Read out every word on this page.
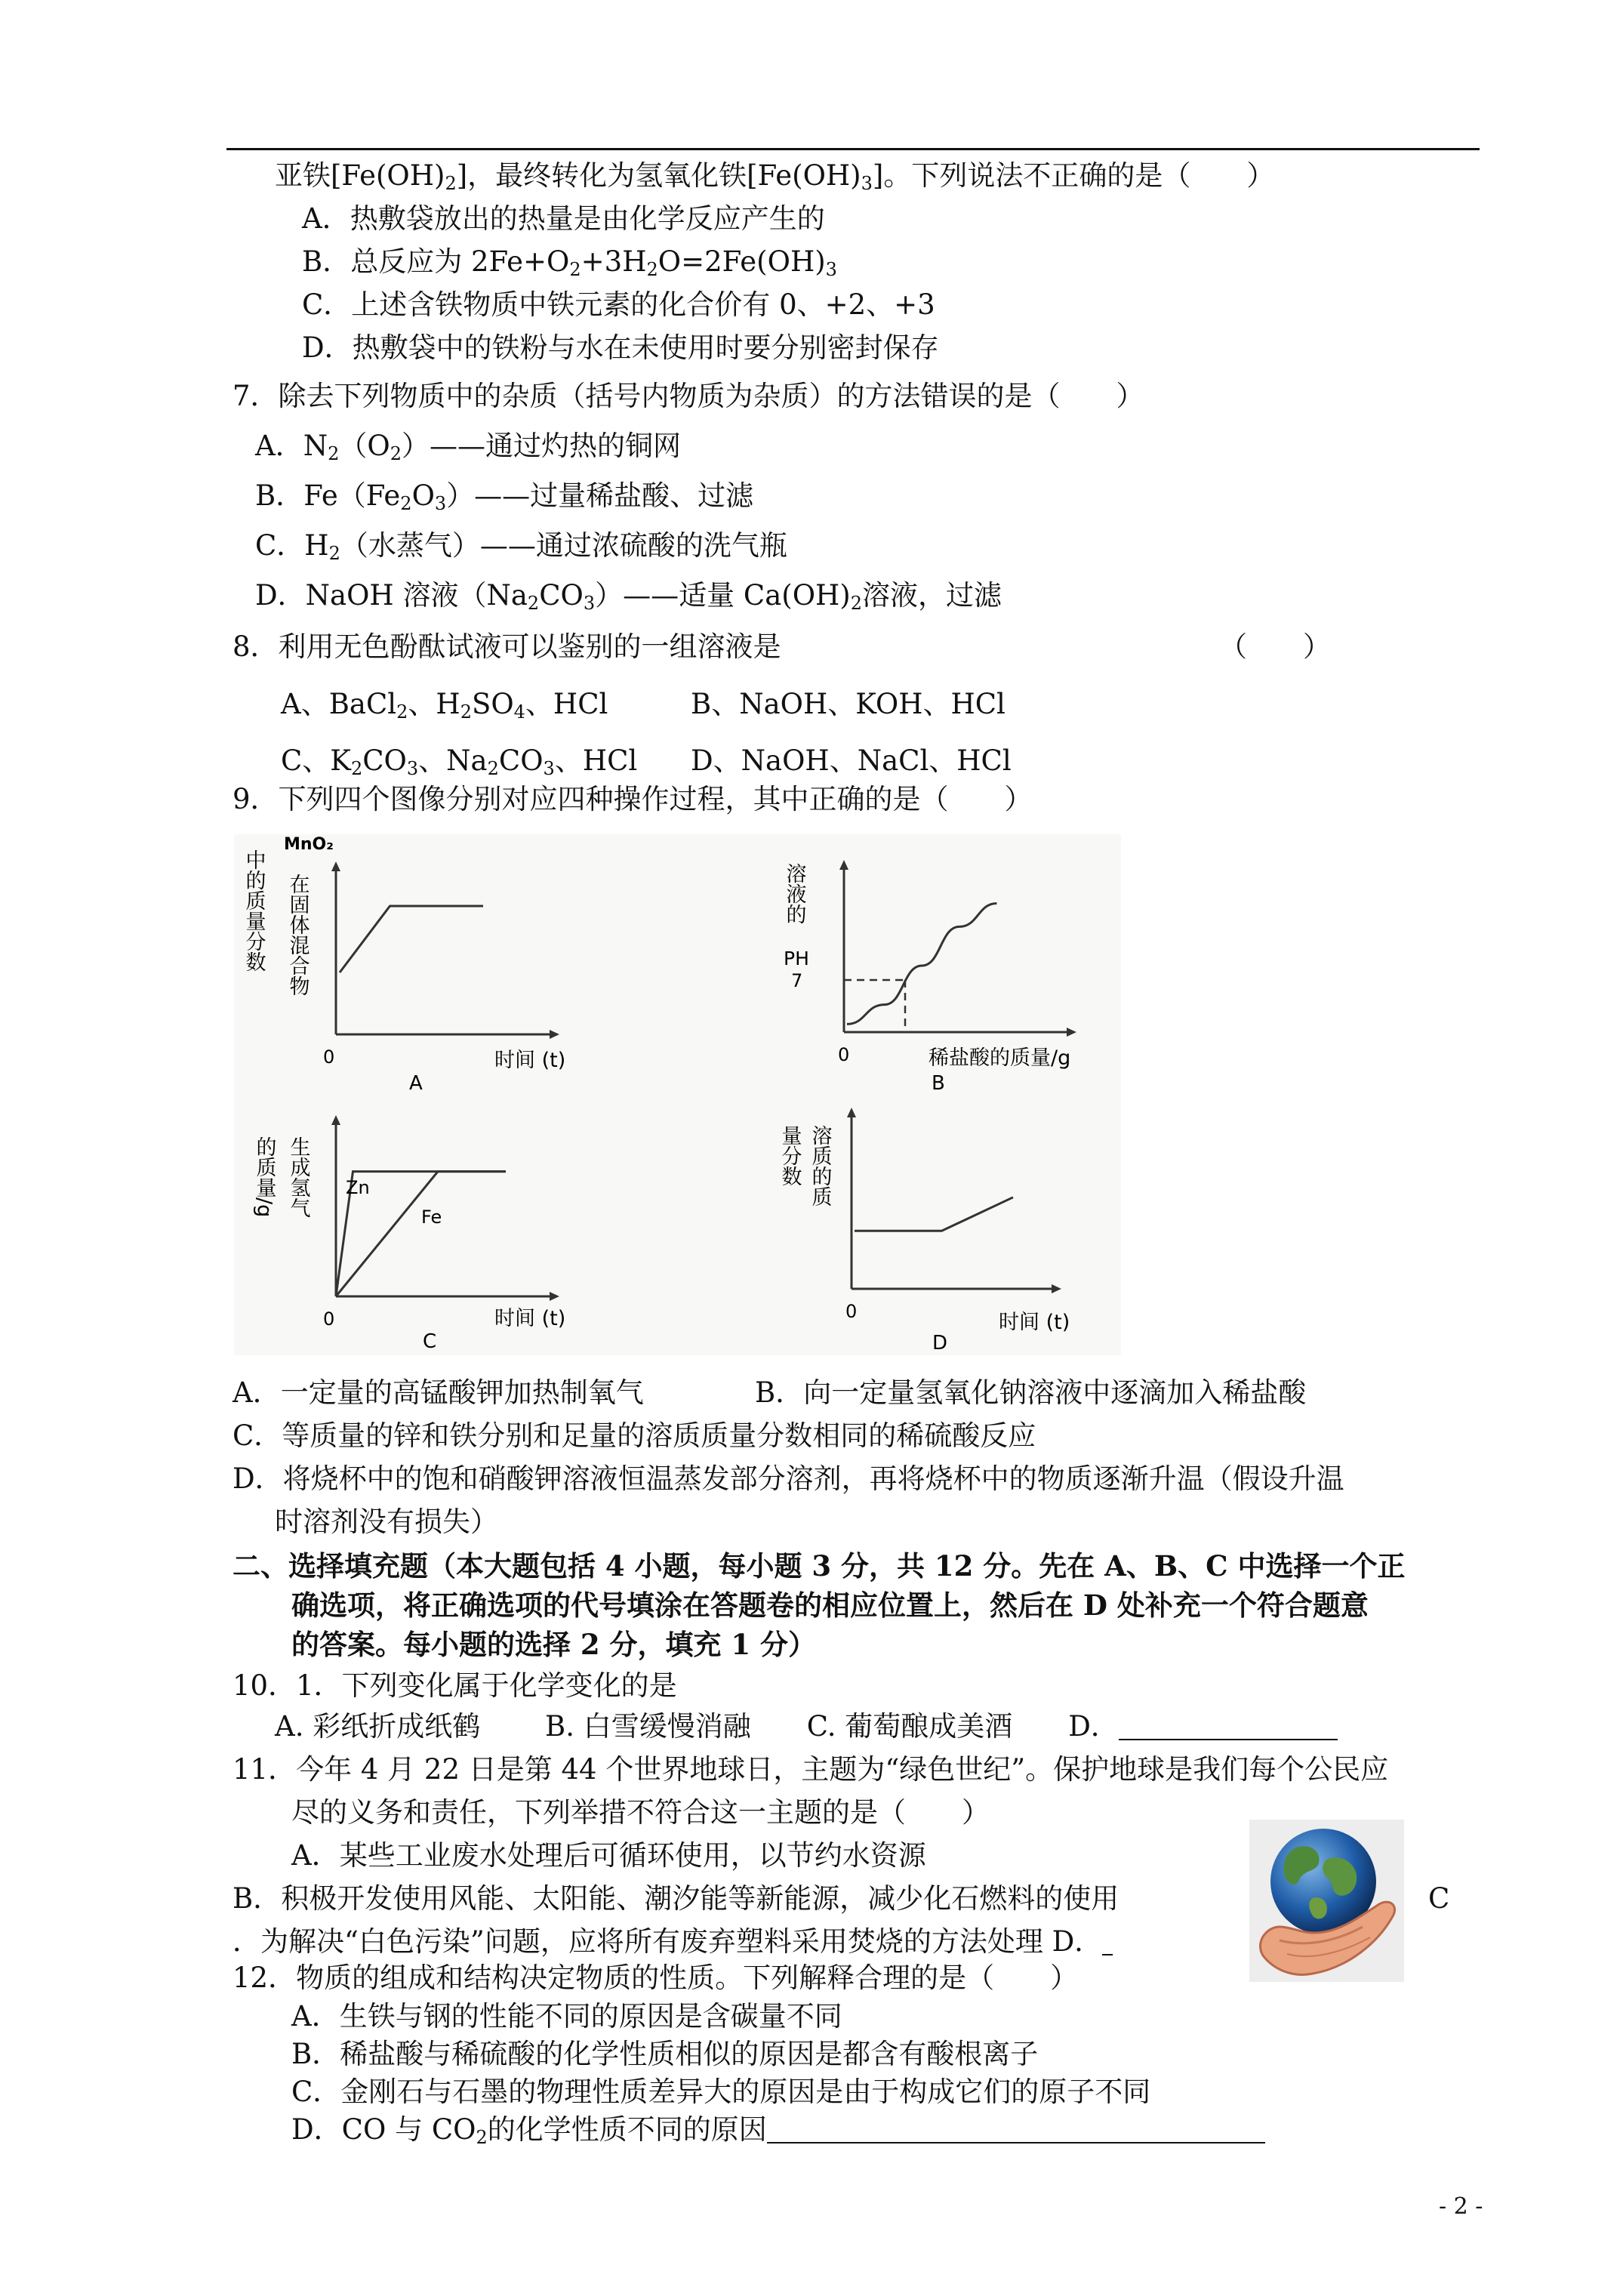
亚铁$[Fe(OH)_2]$，最终转化为氢氧化铁$[Fe(OH)_3]$。下列说法不正确的是（　　）
A．热敷袋放出的热量是由化学反应产生的
B．总反应为 $2Fe+O_2+3H_2O=2Fe(OH)_3$
C．上述含铁物质中铁元素的化合价有 0、+2、+3
D．热敷袋中的铁粉与水在未使用时要分别密封保存
7．除去下列物质中的杂质（括号内物质为杂质）的方法错误的是（　　）
A．$N_2(O_2)——$通过灼热的铜网
B．$Fe(Fe_2O_3)——$过量稀盐酸、过滤
C．$H_2$（水蒸气）——通过浓硫酸的洗气瓶
D．NaOH 溶液$(Na_2CO_3)——$适量 $Ca(OH)_2$溶液，过滤
8．利用无色酚酞试液可以鉴别的一组溶液是	（　　）
A、BaCl$_2$、$H_2SO_4$、HCl	B、NaOH、KOH、HCl
C、$K_2CO_3$、$Na_2CO_3$、HCl D、NaOH、NaCl、HCl
9．下列四个图像分别对应四种操作过程，其中正确的是（　　）
中的质量分数
MnO₂
在固体混合物
0	时间 (t)
A
溶液的
PH
7
0	稀盐酸的质量/g
B
的质量/g 生成氢气 Zn
Fe
0	时间 (t)
C
量分数 溶质的质
0	时间 (t)
D
A．一定量的高锰酸钾加热制氧气	B．向一定量氢氧化钠溶液中逐滴加入稀盐酸
C．等质量的锌和铁分别和足量的溶质质量分数相同的稀硫酸反应
D．将烧杯中的饱和硝酸钾溶液恒温蒸发部分溶剂，再将烧杯中的物质逐渐升温（假设升温
时溶剂没有损失）
二、选择填充题（本大题包括 4 小题，每小题 3 分，共 12 分。先在 A、B、C 中选择一个正
确选项，将正确选项的代号填涂在答题卷的相应位置上，然后在 D 处补充一个符合题意
的答案。每小题的选择 2 分，填充 1 分）
10．1．下列变化属于化学变化的是
A. 彩纸折成纸鹤　　 B. 白雪缓慢消融　　C. 葡萄酿成美酒　　D．
11．今年 4 月 22 日是第 44 个世界地球日，主题为“绿色世纪”。保护地球是我们每个公民应
尽的义务和责任，下列举措不符合这一主题的是（　　）
A．某些工业废水处理后可循环使用，以节约水资源
B．积极开发使用风能、太阳能、潮汐能等新能源，减少化石燃料的使用	C
．为解决“白色污染”问题，应将所有废弃塑料采用焚烧的方法处理 D．
12．物质的组成和结构决定物质的性质。下列解释合理的是（　　）
A．生铁与钢的性能不同的原因是含碳量不同
B．稀盐酸与稀硫酸的化学性质相似的原因是都含有酸根离子
C．金刚石与石墨的物理性质差异大的原因是由于构成它们的原子不同
D．CO 与 $CO_2$的化学性质不同的原因
- 2 -
